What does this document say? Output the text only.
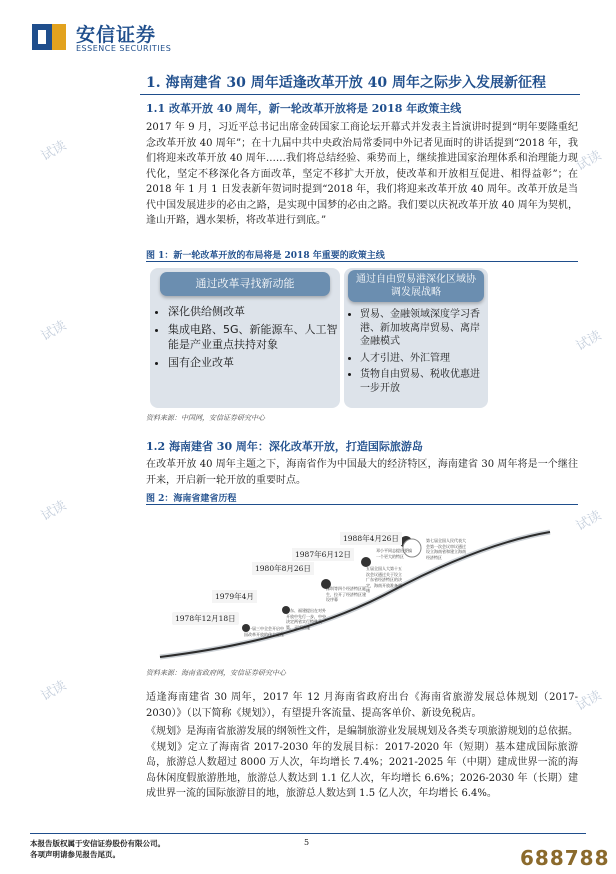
安信证券
ESSENCE SECURITIES
1. 海南建省 30 周年适逢改革开放 40 周年之际步入发展新征程
1.1 改革开放 40 周年，新一轮改革开放将是 2018 年政策主线
2017 年 9 月，习近平总书记出席金砖国家工商论坛开幕式并发表主旨演讲时提到“明年要隆重纪念改革开放 40 周年”；在十九届中共中央政治局常委同中外记者见面时的讲话提到“2018 年，我们将迎来改革开放 40 周年……我们将总结经验、乘势而上，继续推进国家治理体系和治理能力现代化，坚定不移深化各方面改革，坚定不移扩大开放，使改革和开放相互促进、相得益彰”；在 2018 年 1 月 1 日发表新年贺词时提到“2018 年，我们将迎来改革开放 40 周年。改革开放是当代中国发展进步的必由之路，是实现中国梦的必由之路。我们要以庆祝改革开放 40 周年为契机，逢山开路，遇水架桥，将改革进行到底。”
图 1：新一轮改革开放的布局将是 2018 年重要的政策主线
通过改革寻找新动能
• 深化供给侧改革
• 集成电路、5G、新能源车、人工智能是产业重点扶持对象
• 国有企业改革
通过自由贸易港深化区域协调发展战略
• 贸易、金融领域深度学习香港、新加坡离岸贸易、离岸金融模式
• 人才引进、外汇管理
• 货物自由贸易、税收优惠进一步开放
资料来源：中国网，安信证券研究中心
1.2 海南建省 30 周年：深化改革开放，打造国际旅游岛
在改革开放 40 周年主题之下，海南省作为中国最大的经济特区，海南建省 30 周年将是一个继往开来，开启新一轮开放的重要时点。
图 2：海南省建省历程
1978年12月18日
1979年4月
1980年8月26日
1987年6月12日
1988年4月26日
十一届三中全会开启中国改革开放的伟大征程
广东、福建提出在对外开放中先行一步，中央决定两省实行特殊政策、灵活措施
深圳等四个经济特区诞生，拉开了经济特区建设序幕
五届全国人大第十五次会议通过关于设立广东省经济特区的决定，海南开放准备就绪
邓小平同志提出要搞一个更大的特区
第七届全国人民代表大会第一次会议审议通过设立海南省和建立海南经济特区
资料来源：海南省政府网，安信证券研究中心
适逢海南建省 30 周年，2017 年 12 月海南省政府出台《海南省旅游发展总体规划（2017-2030）》（以下简称《规划》），有望提升客流量、提高客单价、新设免税店。
《规划》是海南省旅游发展的纲领性文件，是编制旅游业发展规划及各类专项旅游规划的总依据。《规划》定立了海南省 2017-2030 年的发展目标：2017-2020 年（短期）基本建成国际旅游岛，旅游总人数超过 8000 万人次，年均增长 7.4%；2021-2025 年（中期）建成世界一流的海岛休闲度假旅游胜地，旅游总人数达到 1.1 亿人次，年均增长 6.6%；2026-2030 年（长期）建成世界一流的国际旅游目的地，旅游总人数达到 1.5 亿人次，年均增长 6.4%。
试读
试读
试读
试读
试读
试读
试读
试读
本报告版权属于安信证券股份有限公司。
各项声明请参见报告尾页。
5
688788
